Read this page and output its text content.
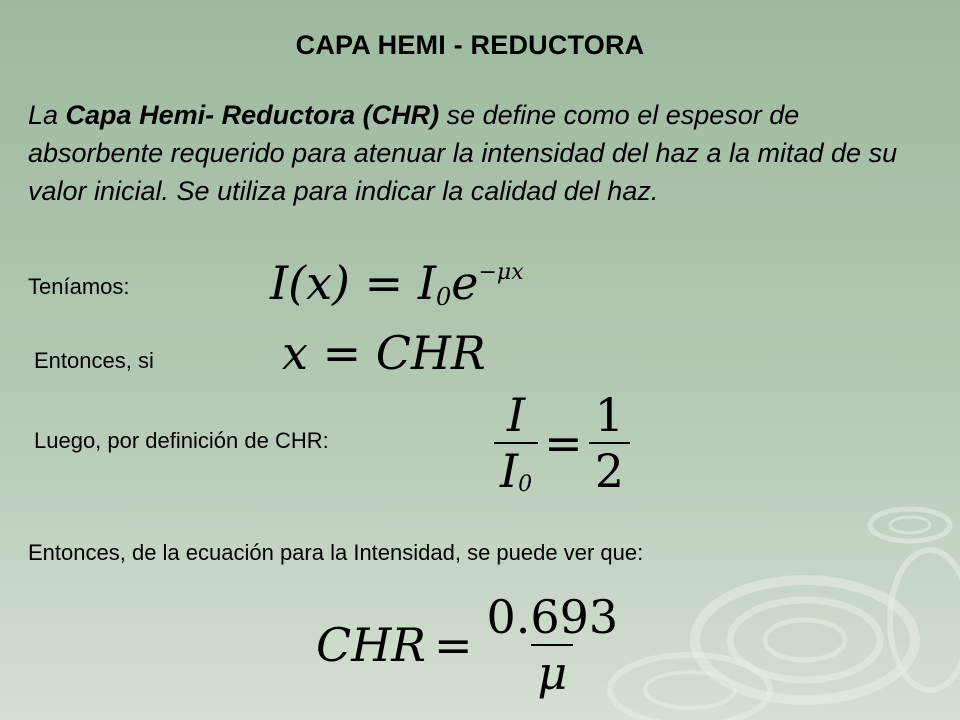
CAPA HEMI - REDUCTORA
La Capa Hemi- Reductora (CHR) se define como el espesor de absorbente requerido para atenuar la intensidad del haz a la mitad de su valor inicial. Se utiliza para indicar la calidad del haz.
Teníamos:	$I(x) = I_0e^{-\mu x}$
Entonces, si	x = CHR
Luego, por definición de CHR:	$\frac{I}{I_0} = \frac{1}{2}$
Entonces, de la ecuación para la Intensidad, se puede ver que:
CHR = $\frac{0.693}{\mu}$
